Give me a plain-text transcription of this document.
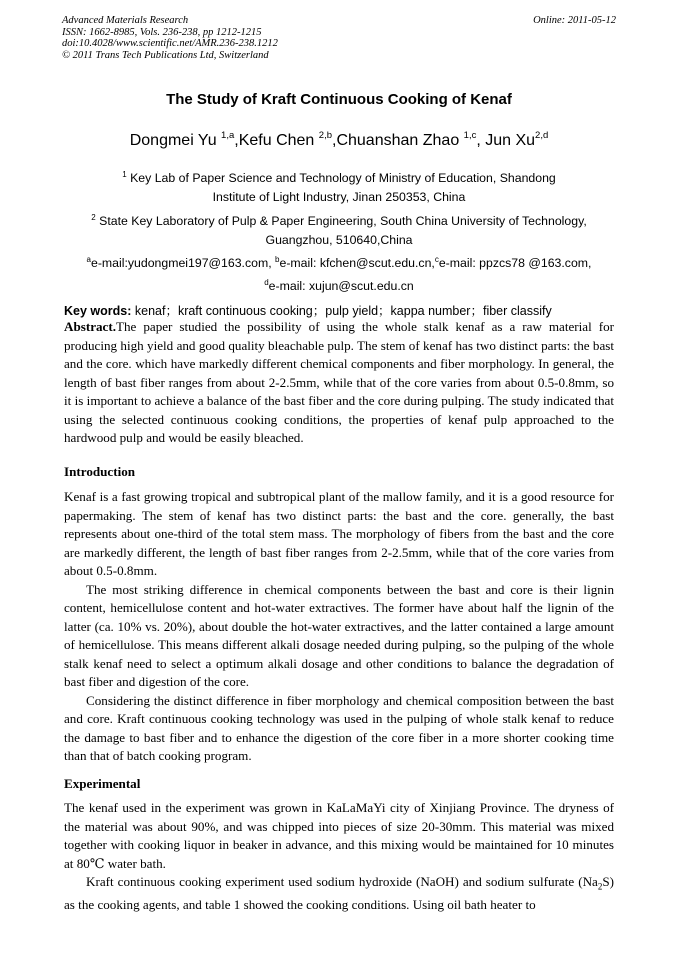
Advanced Materials Research
ISSN: 1662-8985, Vols. 236-238, pp 1212-1215
doi:10.4028/www.scientific.net/AMR.236-238.1212
© 2011 Trans Tech Publications Ltd, Switzerland
Online: 2011-05-12
The Study of Kraft Continuous Cooking of Kenaf
Dongmei Yu $^{1,a}$,Kefu Chen $^{2,b}$,Chuanshan Zhao $^{1,c}$, Jun Xu$^{2,d}$
$^1$ Key Lab of Paper Science and Technology of Ministry of Education, Shandong
Institute of Light Industry, Jinan 250353, China
$^2$ State Key Laboratory of Pulp & Paper Engineering, South China University of Technology,
Guangzhou, 510640,China
$^a$e-mail:yudongmei197@163.com, $^b$e-mail: kfchen@scut.edu.cn,$^c$e-mail: ppzcs78 @163.com,
$^d$e-mail: xujun@scut.edu.cn
Key words: kenaf；kraft continuous cooking；pulp yield；kappa number；fiber classify

Abstract.The paper studied the possibility of using the whole stalk kenaf as a raw material for producing high yield and good quality bleachable pulp. The stem of kenaf has two distinct parts: the bast and the core. which have markedly different chemical components and fiber morphology. In general, the length of bast fiber ranges from about 2-2.5mm, while that of the core varies from about 0.5-0.8mm, so it is important to achieve a balance of the bast fiber and the core during pulping. The study indicated that using the selected continuous cooking conditions, the properties of kenaf pulp approached to the hardwood pulp and would be easily bleached.

Introduction

Kenaf is a fast growing tropical and subtropical plant of the mallow family, and it is a good resource for papermaking. The stem of kenaf has two distinct parts: the bast and the core. generally, the bast represents about one-third of the total stem mass. The morphology of fibers from the bast and the core are markedly different, the length of bast fiber ranges from 2-2.5mm, while that of the core varies from about 0.5-0.8mm.

The most striking difference in chemical components between the bast and core is their lignin content, hemicellulose content and hot-water extractives. The former have about half the lignin of the latter (ca. 10% vs. 20%), about double the hot-water extractives, and the latter contained a large amount of hemicellulose. This means different alkali dosage needed during pulping, so the pulping of the whole stalk kenaf need to select a optimum alkali dosage and other conditions to balance the degradation of bast fiber and digestion of the core.

Considering the distinct difference in fiber morphology and chemical composition between the bast and core. Kraft continuous cooking technology was used in the pulping of whole stalk kenaf to reduce the damage to bast fiber and to enhance the digestion of the core fiber in a more shorter cooking time than that of batch cooking program.

Experimental

The kenaf used in the experiment was grown in KaLaMaYi city of Xinjiang Province. The dryness of the material was about 90%, and was chipped into pieces of size 20-30mm. This material was mixed together with cooking liquor in beaker in advance, and this mixing would be maintained for 10 minutes at 80℃ water bath.

Kraft continuous cooking experiment used sodium hydroxide (NaOH) and sodium sulfurate $(Na_2S)$ as the cooking agents, and table 1 showed the cooking conditions. Using oil bath heater to
